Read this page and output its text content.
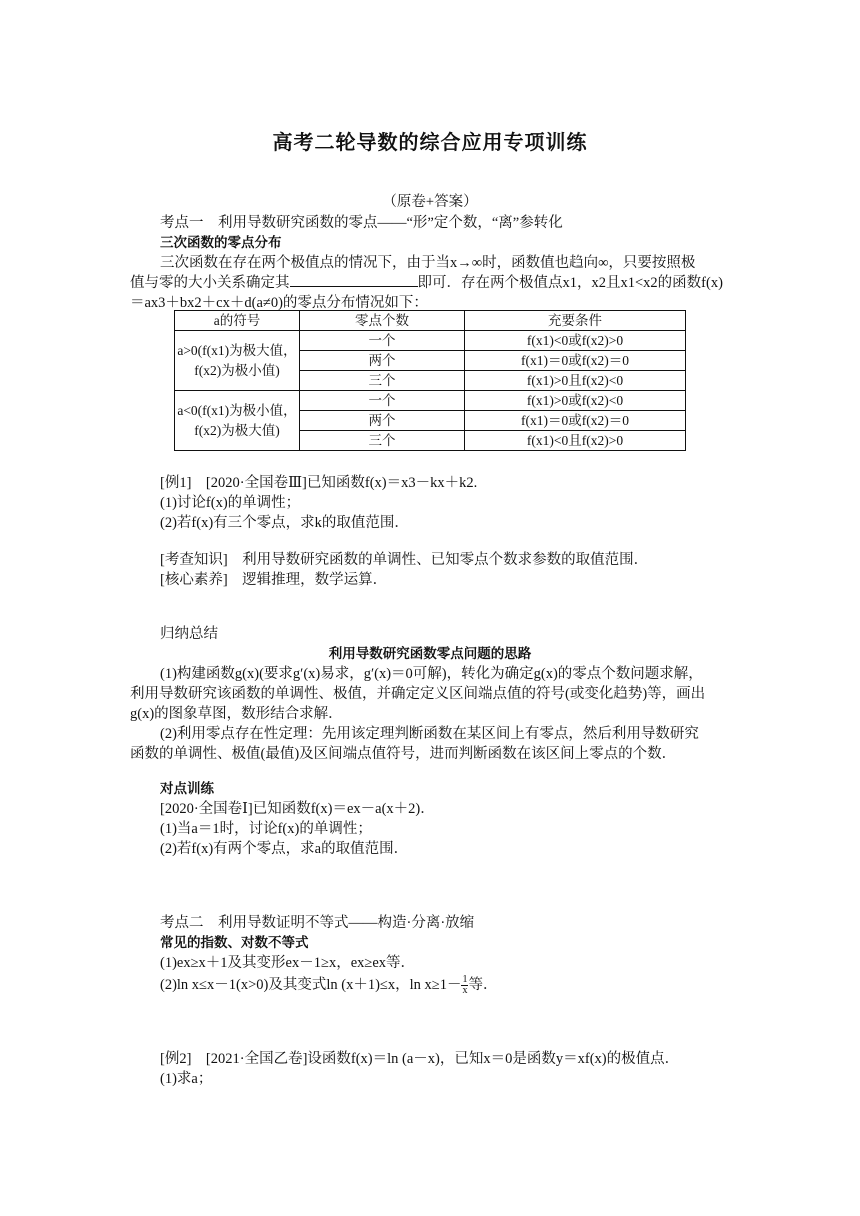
高考二轮导数的综合应用专项训练
（原卷+答案）
考点一　利用导数研究函数的零点——“形”定个数，“离”参转化
三次函数的零点分布
三次函数在存在两个极值点的情况下，由于当x→∞时，函数值也趋向∞，只要按照极
值与零的大小关系确定其	即可．存在两个极值点x1，x2且x1<x2的函数f(x)
＝ax3＋bx2＋cx＋d(a≠0)的零点分布情况如下：
a的符号	零点个数	充要条件
a>0(f(x1)为极大值，f(x2)为极小值)	一个	f(x1)<0或f(x2)>0
	两个	f(x1)＝0或f(x2)＝0
	三个	f(x1)>0且f(x2)<0
a<0(f(x1)为极小值，f(x2)为极大值)	一个	f(x1)>0或f(x2)<0
	两个	f(x1)＝0或f(x2)＝0
	三个	f(x1)<0且f(x2)>0
[例1]　[2020·全国卷Ⅲ]已知函数f(x)＝x3－kx＋k2.
(1)讨论f(x)的单调性；
(2)若f(x)有三个零点，求k的取值范围．
[考查知识]　 利用导数研究函数的单调性、已知零点个数求参数的取值范围．
[核心素养]　 逻辑推理，数学运算．
归纳总结
利用导数研究函数零点问题的思路
(1)构建函数g(x)(要求g′(x)易求，g′(x)＝0可解)，转化为确定g(x)的零点个数问题求解，
利用导数研究该函数的单调性、极值，并确定定义区间端点值的符号(或变化趋势)等，画出
g(x)的图象草图，数形结合求解．
(2)利用零点存在性定理：先用该定理判断函数在某区间上有零点，然后利用导数研究
函数的单调性、极值(最值)及区间端点值符号，进而判断函数在该区间上零点的个数．
对点训练
[2020·全国卷Ⅰ]已知函数f(x)＝ex－a(x＋2)．
(1)当a＝1时，讨论f(x)的单调性；
(2)若f(x)有两个零点，求a的取值范围．
考点二　利用导数证明不等式——构造·分离·放缩
常见的指数、对数不等式
(1)ex≥x＋1及其变形ex－1≥x，ex≥ex等．
(2)ln x≤x－1(x>0)及其变式ln (x＋1)≤x，$\ln x\ge 1- \frac{1}{x}$ 等．
[例2]　[2021·全国乙卷]设函数f(x)＝ln (a－x)，已知x＝0是函数y＝xf(x)的极值点．
(1)求a；
